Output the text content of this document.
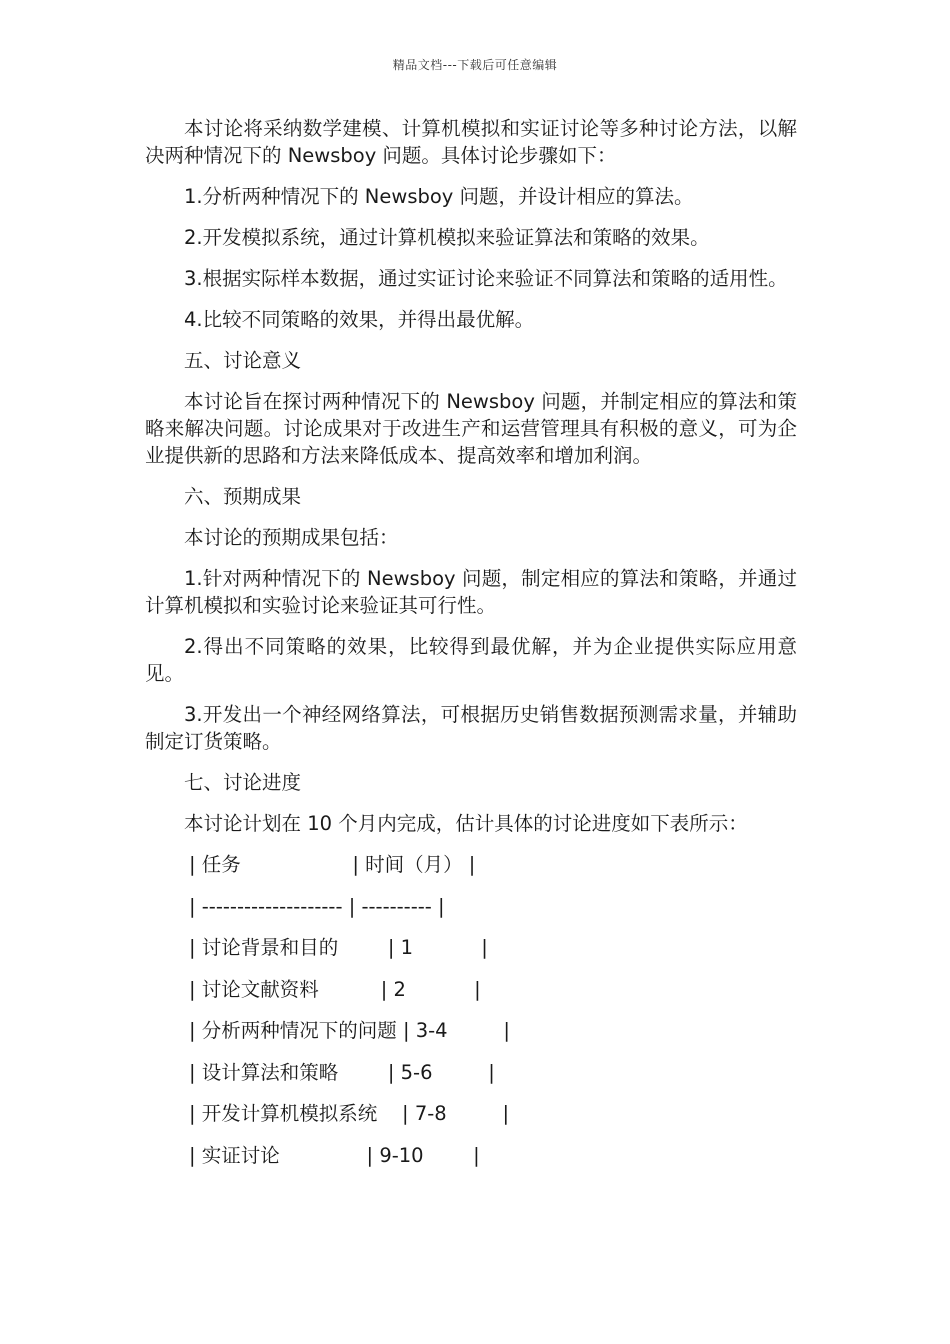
精品文档---下载后可任意编辑

本讨论将采纳数学建模、计算机模拟和实证讨论等多种讨论方法，以解决两种情况下的 Newsboy 问题。具体讨论步骤如下：

1.分析两种情况下的 Newsboy 问题，并设计相应的算法。

2.开发模拟系统，通过计算机模拟来验证算法和策略的效果。

3.根据实际样本数据，通过实证讨论来验证不同算法和策略的适用性。

4.比较不同策略的效果，并得出最优解。

五、讨论意义

本讨论旨在探讨两种情况下的 Newsboy 问题，并制定相应的算法和策略来解决问题。讨论成果对于改进生产和运营管理具有积极的意义，可为企业提供新的思路和方法来降低成本、提高效率和增加利润。

六、预期成果

本讨论的预期成果包括：

1.针对两种情况下的 Newsboy 问题，制定相应的算法和策略，并通过计算机模拟和实验讨论来验证其可行性。

2.得出不同策略的效果，比较得到最优解，并为企业提供实际应用意见。

3.开发出一个神经网络算法，可根据历史销售数据预测需求量，并辅助制定订货策略。

七、讨论进度

本讨论计划在 10 个月内完成，估计具体的讨论进度如下表所示：

| 任务                  | 时间（月） |
| -------------------- | ---------- |
| 讨论背景和目的        | 1           |
| 讨论文献资料          | 2           |
| 分析两种情况下的问题 | 3-4         |
| 设计算法和策略        | 5-6         |
| 开发计算机模拟系统    | 7-8         |
| 实证讨论              | 9-10        |
